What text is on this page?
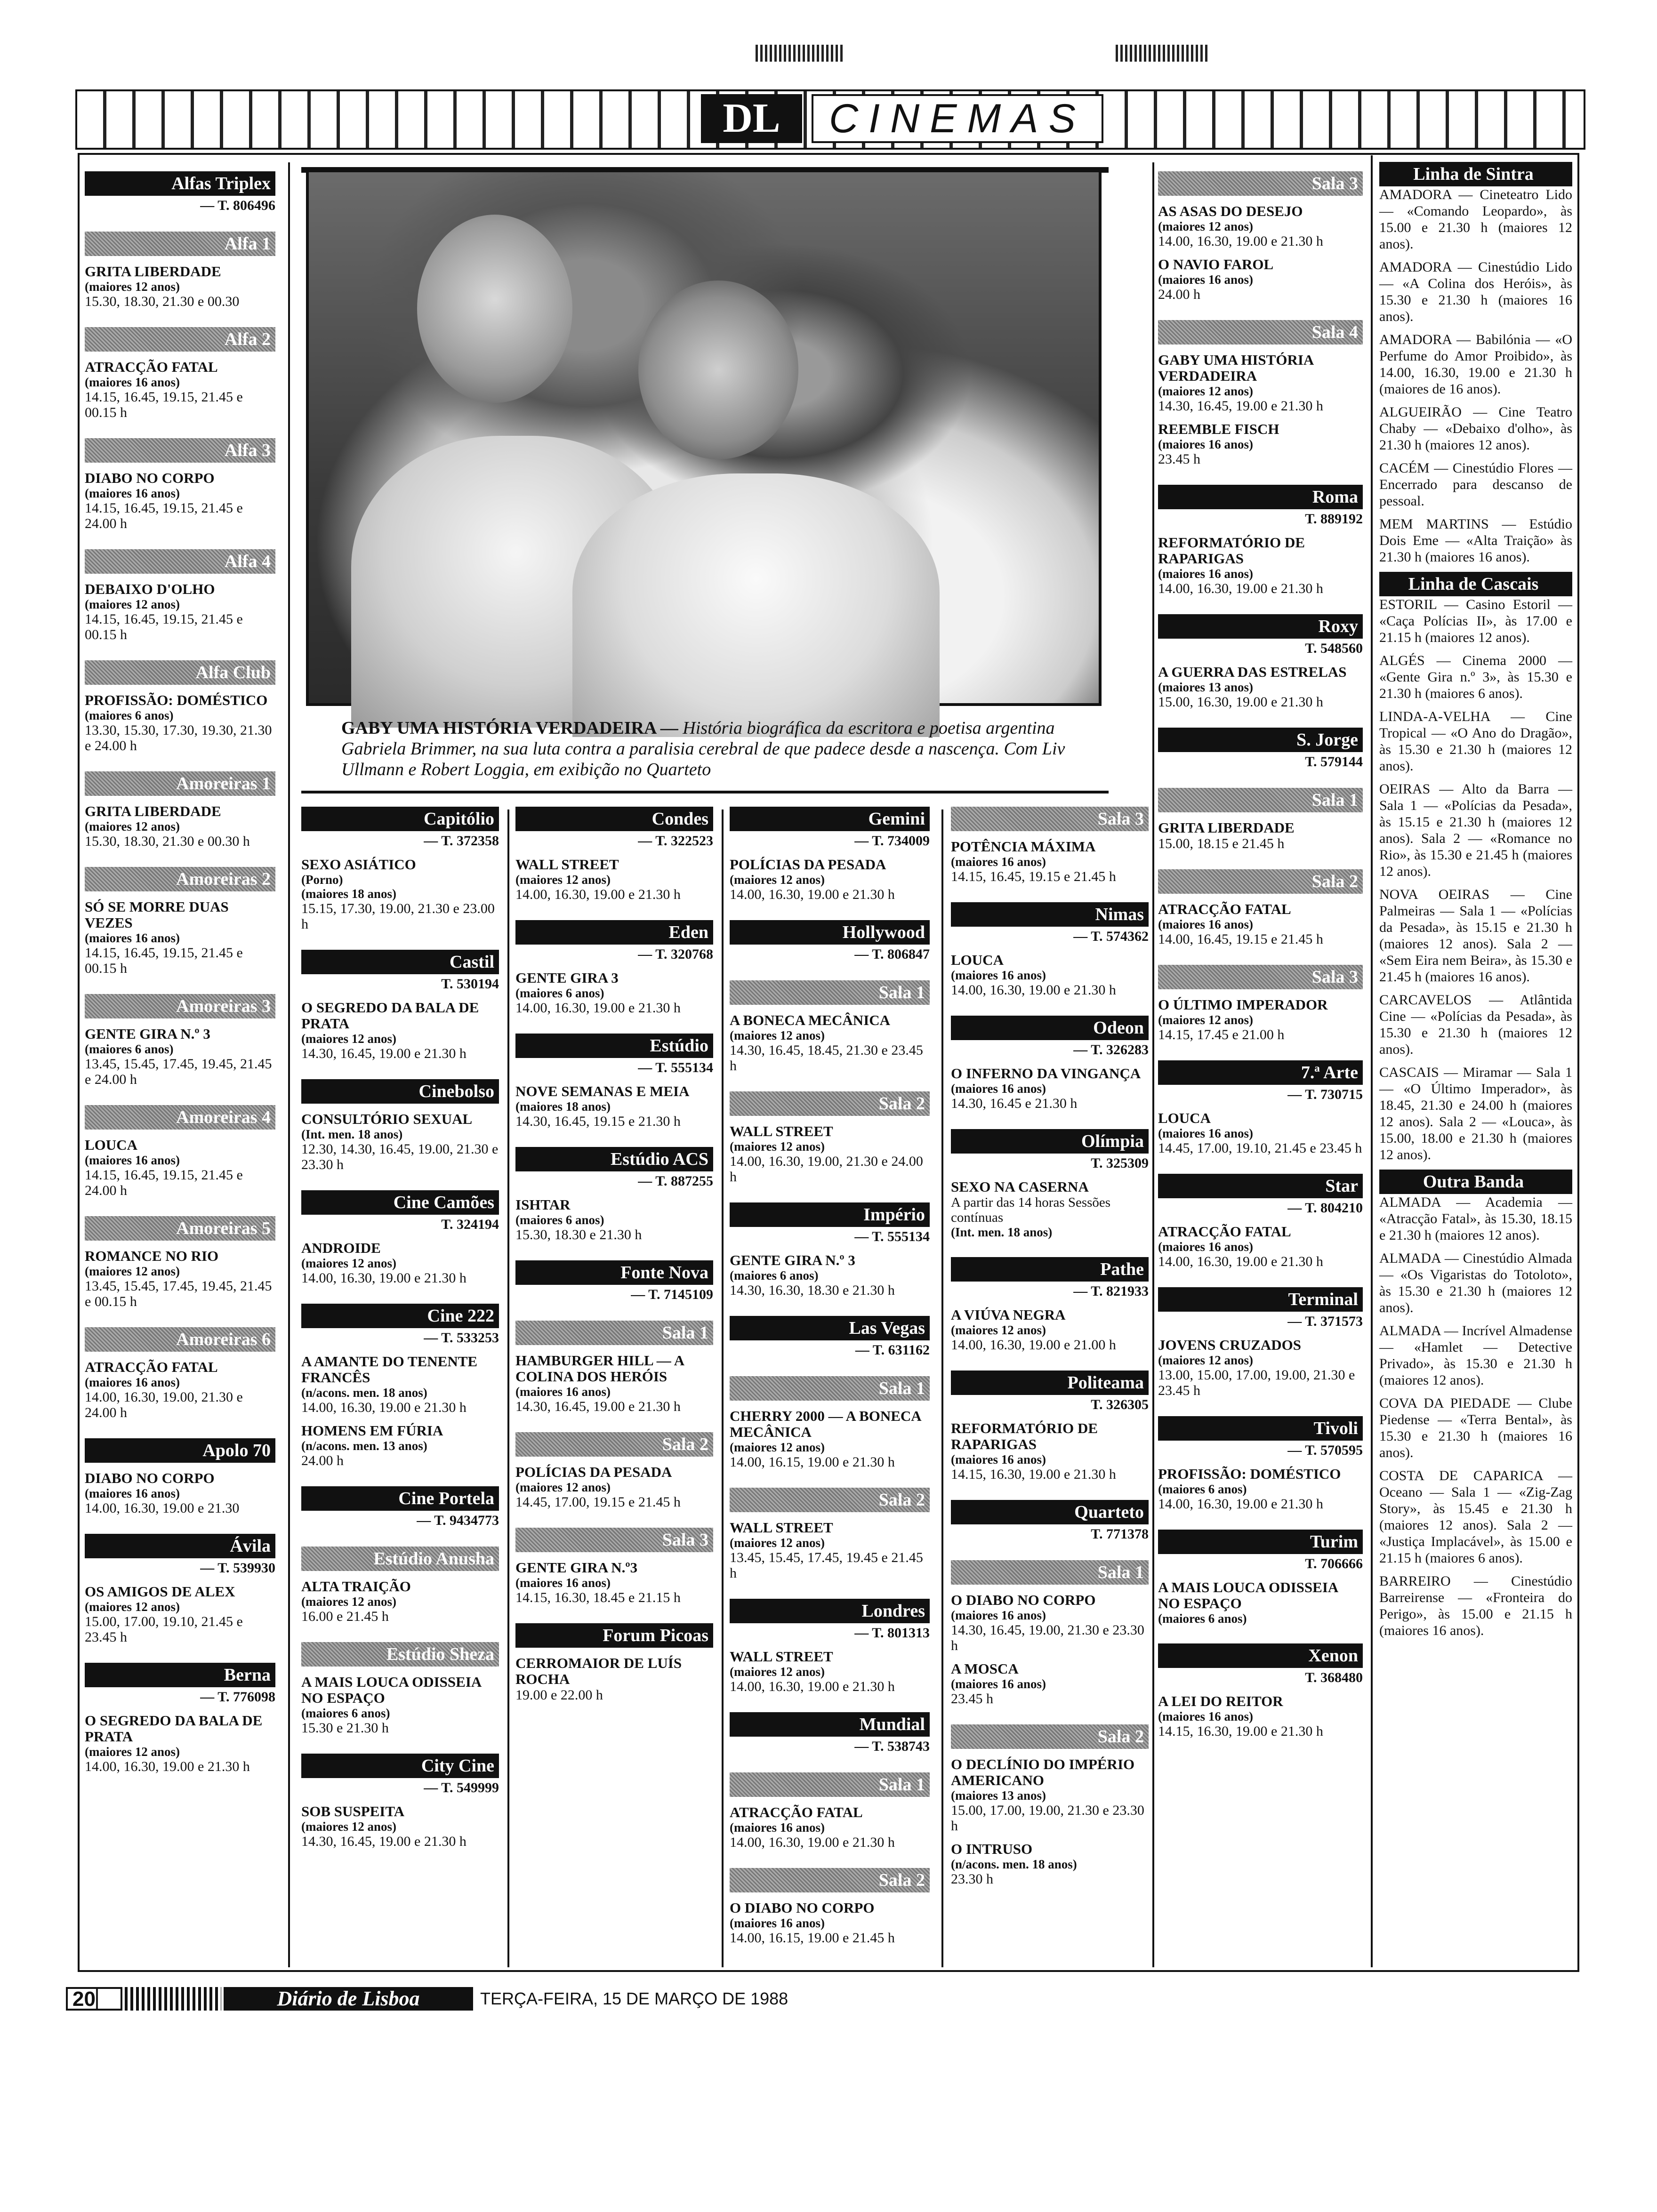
DL	CINEMAS
GABY UMA HISTÓRIA VERDADEIRA — História biográfica da escritora e poetisa argentina Gabriela Brimmer, na sua luta contra a paralisia cerebral de que padece desde a nascença. Com Liv Ullmann e Robert Loggia, em exibição no Quarteto
Alfas Triplex
— T. 806496
Alfa 1
GRITA LIBERDADE
(maiores 12 anos)
15.30, 18.30, 21.30 e 00.30
Alfa 2
ATRACÇÃO FATAL
(maiores 16 anos)
14.15, 16.45, 19.15, 21.45 e 00.15 h
Alfa 3
DIABO NO CORPO
(maiores 16 anos)
14.15, 16.45, 19.15, 21.45 e 24.00 h
Alfa 4
DEBAIXO D'OLHO
(maiores 12 anos)
14.15, 16.45, 19.15, 21.45 e 00.15 h
Alfa Club
PROFISSÃO: DOMÉSTICO
(maiores 6 anos)
13.30, 15.30, 17.30, 19.30, 21.30 e 24.00 h
Amoreiras 1
GRITA LIBERDADE
(maiores 12 anos)
15.30, 18.30, 21.30 e 00.30 h
Amoreiras 2
SÓ SE MORRE DUAS VEZES
(maiores 16 anos)
14.15, 16.45, 19.15, 21.45 e 00.15 h
Amoreiras 3
GENTE GIRA N.º 3
(maiores 6 anos)
13.45, 15.45, 17.45, 19.45, 21.45 e 24.00 h
Amoreiras 4
LOUCA
(maiores 16 anos)
14.15, 16.45, 19.15, 21.45 e 24.00 h
Amoreiras 5
ROMANCE NO RIO
(maiores 12 anos)
13.45, 15.45, 17.45, 19.45, 21.45 e 00.15 h
Amoreiras 6
ATRACÇÃO FATAL
(maiores 16 anos)
14.00, 16.30, 19.00, 21.30 e 24.00 h
Apolo 70
DIABO NO CORPO
(maiores 16 anos)
14.00, 16.30, 19.00 e 21.30
Ávila
— T. 539930
OS AMIGOS DE ALEX
(maiores 12 anos)
15.00, 17.00, 19.10, 21.45 e 23.45 h
Berna
— T. 776098
O SEGREDO DA BALA DE PRATA
(maiores 12 anos)
14.00, 16.30, 19.00 e 21.30 h
Capitólio
— T. 372358
SEXO ASIÁTICO
(Porno)
(maiores 18 anos)
15.15, 17.30, 19.00, 21.30 e 23.00 h
Castil
T. 530194
O SEGREDO DA BALA DE PRATA
(maiores 12 anos)
14.30, 16.45, 19.00 e 21.30 h
Cinebolso
CONSULTÓRIO SEXUAL
(Int. men. 18 anos)
12.30, 14.30, 16.45, 19.00, 21.30 e 23.30 h
Cine Camões
T. 324194
ANDROIDE
(maiores 12 anos)
14.00, 16.30, 19.00 e 21.30 h
Cine 222
— T. 533253
A AMANTE DO TENENTE FRANCÊS
(n/acons. men. 18 anos)
14.00, 16.30, 19.00 e 21.30 h
HOMENS EM FÚRIA
(n/acons. men. 13 anos)
24.00 h
Cine Portela
— T. 9434773
Estúdio Anusha
ALTA TRAIÇÃO
(maiores 12 anos)
16.00 e 21.45 h
Estúdio Sheza
A MAIS LOUCA ODISSEIA NO ESPAÇO
(maiores 6 anos)
15.30 e 21.30 h
City Cine
— T. 549999
SOB SUSPEITA
(maiores 12 anos)
14.30, 16.45, 19.00 e 21.30 h
Condes
— T. 322523
WALL STREET
(maiores 12 anos)
14.00, 16.30, 19.00 e 21.30 h
Eden
— T. 320768
GENTE GIRA 3
(maiores 6 anos)
14.00, 16.30, 19.00 e 21.30 h
Estúdio
— T. 555134
NOVE SEMANAS E MEIA
(maiores 18 anos)
14.30, 16.45, 19.15 e 21.30 h
Estúdio ACS
— T. 887255
ISHTAR
(maiores 6 anos)
15.30, 18.30 e 21.30 h
Fonte Nova
— T. 7145109
Sala 1
HAMBURGER HILL — A COLINA DOS HERÓIS
(maiores 16 anos)
14.30, 16.45, 19.00 e 21.30 h
Sala 2
POLÍCIAS DA PESADA
(maiores 12 anos)
14.45, 17.00, 19.15 e 21.45 h
Sala 3
GENTE GIRA N.º3
(maiores 16 anos)
14.15, 16.30, 18.45 e 21.15 h
Forum Picoas
CERROMAIOR DE LUÍS ROCHA
19.00 e 22.00 h
Gemini
— T. 734009
POLÍCIAS DA PESADA
(maiores 12 anos)
14.00, 16.30, 19.00 e 21.30 h
Hollywood
— T. 806847
Sala 1
A BONECA MECÂNICA
(maiores 12 anos)
14.30, 16.45, 18.45, 21.30 e 23.45 h
Sala 2
WALL STREET
(maiores 12 anos)
14.00, 16.30, 19.00, 21.30 e 24.00 h
Império
— T. 555134
GENTE GIRA N.º 3
(maiores 6 anos)
14.30, 16.30, 18.30 e 21.30 h
Las Vegas
— T. 631162
Sala 1
CHERRY 2000 — A BONECA MECÂNICA
(maiores 12 anos)
14.00, 16.15, 19.00 e 21.30 h
Sala 2
WALL STREET
(maiores 12 anos)
13.45, 15.45, 17.45, 19.45 e 21.45 h
Londres
— T. 801313
WALL STREET
(maiores 12 anos)
14.00, 16.30, 19.00 e 21.30 h
Mundial
— T. 538743
Sala 1
ATRACÇÃO FATAL
(maiores 16 anos)
14.00, 16.30, 19.00 e 21.30 h
Sala 2
O DIABO NO CORPO
(maiores 16 anos)
14.00, 16.15, 19.00 e 21.45 h
Sala 3
POTÊNCIA MÁXIMA
(maiores 16 anos)
14.15, 16.45, 19.15 e 21.45 h
Nimas
— T. 574362
LOUCA
(maiores 16 anos)
14.00, 16.30, 19.00 e 21.30 h
Odeon
— T. 326283
O INFERNO DA VINGANÇA
(maiores 16 anos)
14.30, 16.45 e 21.30 h
Olímpia
T. 325309
SEXO NA CASERNA
A partir das 14 horas Sessões contínuas
(Int. men. 18 anos)
Pathe
— T. 821933
A VIÚVA NEGRA
(maiores 12 anos)
14.00, 16.30, 19.00 e 21.00 h
Politeama
T. 326305
REFORMATÓRIO DE RAPARIGAS
(maiores 16 anos)
14.15, 16.30, 19.00 e 21.30 h
Quarteto
T. 771378
Sala 1
O DIABO NO CORPO
(maiores 16 anos)
14.30, 16.45, 19.00, 21.30 e 23.30 h
A MOSCA
(maiores 16 anos)
23.45 h
Sala 2
O DECLÍNIO DO IMPÉRIO AMERICANO
(maiores 13 anos)
15.00, 17.00, 19.00, 21.30 e 23.30 h
O INTRUSO
(n/acons. men. 18 anos)
23.30 h
Sala 3
AS ASAS DO DESEJO
(maiores 12 anos)
14.00, 16.30, 19.00 e 21.30 h
O NAVIO FAROL
(maiores 16 anos)
24.00 h
Sala 4
GABY UMA HISTÓRIA VERDADEIRA
(maiores 12 anos)
14.30, 16.45, 19.00 e 21.30 h
REEMBLE FISCH
(maiores 16 anos)
23.45 h
Roma
T. 889192
REFORMATÓRIO DE RAPARIGAS
(maiores 16 anos)
14.00, 16.30, 19.00 e 21.30 h
Roxy
T. 548560
A GUERRA DAS ESTRELAS
(maiores 13 anos)
15.00, 16.30, 19.00 e 21.30 h
S. Jorge
T. 579144
Sala 1
GRITA LIBERDADE
15.00, 18.15 e 21.45 h
Sala 2
ATRACÇÃO FATAL
(maiores 16 anos)
14.00, 16.45, 19.15 e 21.45 h
Sala 3
O ÚLTIMO IMPERADOR
(maiores 12 anos)
14.15, 17.45 e 21.00 h
7.ª Arte
— T. 730715
LOUCA
(maiores 16 anos)
14.45, 17.00, 19.10, 21.45 e 23.45 h
Star
— T. 804210
ATRACÇÃO FATAL
(maiores 16 anos)
14.00, 16.30, 19.00 e 21.30 h
Terminal
— T. 371573
JOVENS CRUZADOS
(maiores 12 anos)
13.00, 15.00, 17.00, 19.00, 21.30 e 23.45 h
Tivoli
— T. 570595
PROFISSÃO: DOMÉSTICO
(maiores 6 anos)
14.00, 16.30, 19.00 e 21.30 h
Turim
T. 706666
A MAIS LOUCA ODISSEIA NO ESPAÇO
(maiores 6 anos)
Xenon
T. 368480
A LEI DO REITOR
(maiores 16 anos)
14.15, 16.30, 19.00 e 21.30 h
Linha de Sintra

AMADORA — Cineteatro Lido — «Comando Leopardo», às 15.00 e 21.30 h (maiores 12 anos).

AMADORA — Cinestúdio Lido — «A Colina dos Heróis», às 15.30 e 21.30 h (maiores 16 anos).

AMADORA — Babilónia — «O Perfume do Amor Proibido», às 14.00, 16.30, 19.00 e 21.30 h (maiores de 16 anos).

ALGUEIRÃO — Cine Teatro Chaby — «Debaixo d'olho», às 21.30 h (maiores 12 anos).

CACÉM — Cinestúdio Flores — Encerrado para descanso de pessoal.

MEM MARTINS — Estúdio Dois Eme — «Alta Traição» às 21.30 h (maiores 16 anos).

Linha de Cascais

ESTORIL — Casino Estoril — «Caça Polícias II», às 17.00 e 21.15 h (maiores 12 anos).

ALGÉS — Cinema 2000 — «Gente Gira n.º 3», às 15.30 e 21.30 h (maiores 6 anos).

LINDA-A-VELHA — Cine Tropical — «O Ano do Dragão», às 15.30 e 21.30 h (maiores 12 anos).

OEIRAS — Alto da Barra — Sala 1 — «Polícias da Pesada», às 15.15 e 21.30 h (maiores 12 anos). Sala 2 — «Romance no Rio», às 15.30 e 21.45 h (maiores 12 anos).

NOVA OEIRAS — Cine Palmeiras — Sala 1 — «Polícias da Pesada», às 15.15 e 21.30 h (maiores 12 anos). Sala 2 — «Sem Eira nem Beira», às 15.30 e 21.45 h (maiores 16 anos).

CARCAVELOS — Atlântida Cine — «Polícias da Pesada», às 15.30 e 21.30 h (maiores 12 anos).

CASCAIS — Miramar — Sala 1 — «O Último Imperador», às 18.45, 21.30 e 24.00 h (maiores 12 anos). Sala 2 — «Louca», às 15.00, 18.00 e 21.30 h (maiores 12 anos).

Outra Banda

ALMADA — Academia — «Atracção Fatal», às 15.30, 18.15 e 21.30 h (maiores 12 anos).

ALMADA — Cinestúdio Almada — «Os Vigaristas do Totoloto», às 15.30 e 21.30 h (maiores 12 anos).

ALMADA — Incrível Almadense — «Hamlet — Detective Privado», às 15.30 e 21.30 h (maiores 12 anos).

COVA DA PIEDADE — Clube Piedense — «Terra Bental», às 15.30 e 21.30 h (maiores 16 anos).

COSTA DE CAPARICA — Oceano — Sala 1 — «Zig-Zag Story», às 15.45 e 21.30 h (maiores 12 anos). Sala 2 — «Justiça Implacável», às 15.00 e 21.15 h (maiores 6 anos).

BARREIRO — Cinestúdio Barreirense — «Fronteira do Perigo», às 15.00 e 21.15 h (maiores 16 anos).

20	Diário de Lisboa	TERÇA-FEIRA, 15 DE MARÇO DE 1988
